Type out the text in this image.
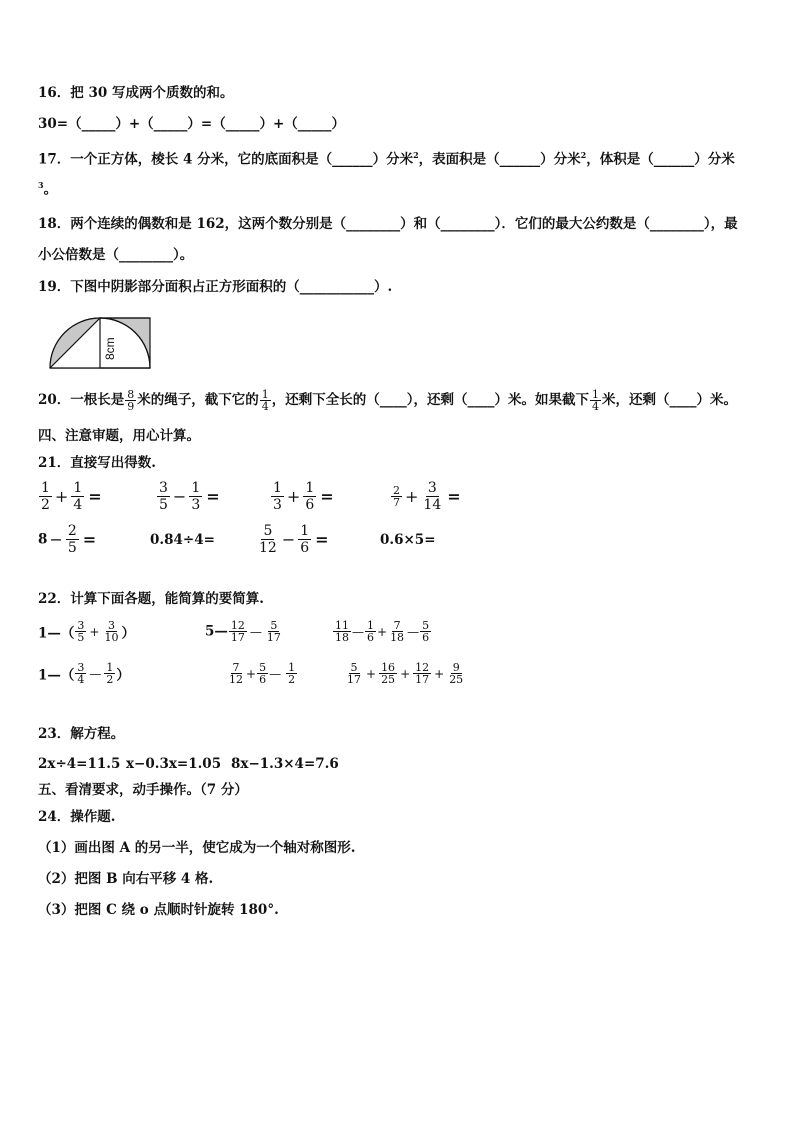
16．把 30 写成两个质数的和。
30=（_____）+（_____）=（_____）+（_____）
17．一个正方体，棱长 4 分米，它的底面积是（______）分米$^2$，表面积是（______）分米$^2$，体积是（______）分米
$^3$。
18．两个连续的偶数和是 162，这两个数分别是（________）和（________）．它们的最大公约数是（________），最
小公倍数是（________）。
19．下图中阴影部分面积占正方形面积的（___________）.
8cm
20．一根长是 $\frac{8}{9}$ 米的绳子，截下它的 $\frac{1}{4}$ ，还剩下全长的（____），还剩（____）米。如果截下 $\frac{1}{4}$ 米，还剩（____）米。
四、注意审题，用心计算。
21．直接写出得数.
$\frac{1}{2} + \frac{1}{4}$ =	$\frac{3}{5} - \frac{1}{3}$ =	$\frac{1}{3} + \frac{1}{6}$ =	$\frac{2}{7} + \frac{3}{14}$ =
$8 - \frac{2}{5}$ =	0.84÷4=	$\frac{5}{12} - \frac{1}{6}$ =	0.6×5=
22．计算下面各题，能简算的要简算.
1—（ $\frac{3}{5} + \frac{3}{10}$ ）	5— $\frac{12}{17}$ — $\frac{5}{17}$	$\frac{11}{18}$ — $\frac{1}{6} + \frac{7}{18}$ — $\frac{5}{6}$
1—（ $\frac{3}{4}$ — $\frac{1}{2}$ ）	$\frac{7}{12} + \frac{5}{6}$ — $\frac{1}{2}$	$\frac{5}{17} + \frac{16}{25} + \frac{12}{17} + \frac{9}{25}$
23．解方程。
2x÷4=11.5 x−0.3x=1.05 8x−1.3×4=7.6
五、看清要求，动手操作。（7 分）
24．操作题.
（1）画出图 A 的另一半，使它成为一个轴对称图形.
（2）把图 B 向右平移 4 格.
（3）把图 C 绕 o 点顺时针旋转 180°.
